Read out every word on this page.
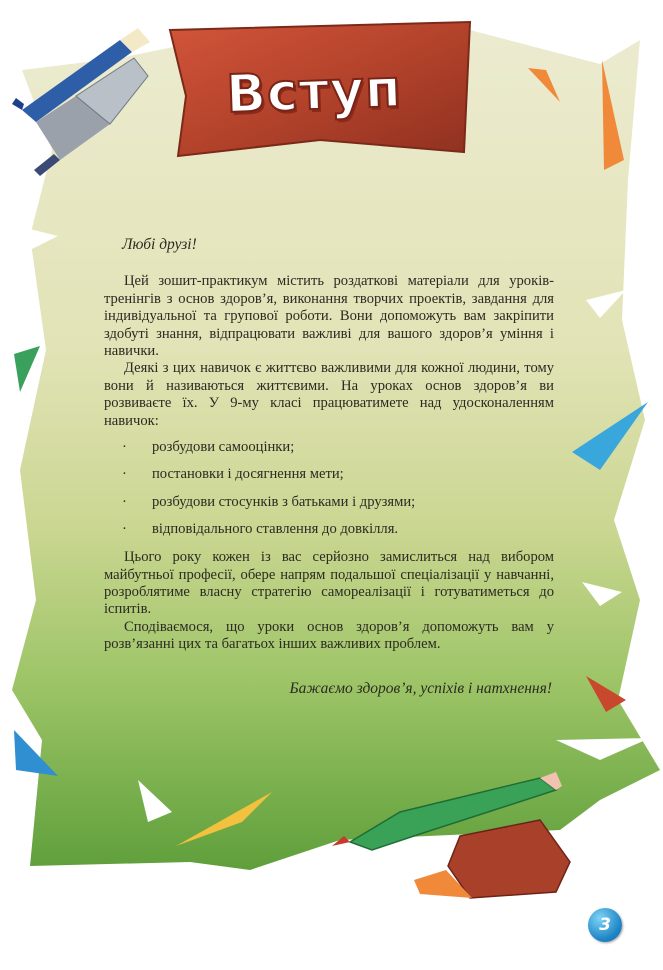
Вступ
Любі друзі!

Цей зошит-практикум містить роздаткові матеріали для уроків-тренінгів з основ здоров’я, виконання творчих проектів, завдання для індивідуальної та групової роботи. Вони допоможуть вам закріпити здобуті знання, відпрацювати важливі для вашого здоров’я уміння і навички.

Деякі з цих навичок є життєво важливими для кожної людини, тому вони й називаються життєвими. На уроках основ здоров’я ви розвиваєте їх. У 9-му класі працюватимете над удосконаленням навичок:

· розбудови самооцінки;
· постановки і досягнення мети;
· розбудови стосунків з батьками і друзями;
· відповідального ставлення до довкілля.

Цього року кожен із вас серйозно замислиться над вибором майбутньої професії, обере напрям подальшої спеціалізації у навчанні, розроблятиме власну стратегію самореалізації і готуватиметься до іспитів.

Сподіваємося, що уроки основ здоров’я допоможуть вам у розв’язанні цих та багатьох інших важливих проблем.

Бажаємо здоров’я, успіхів і натхнення!
3
